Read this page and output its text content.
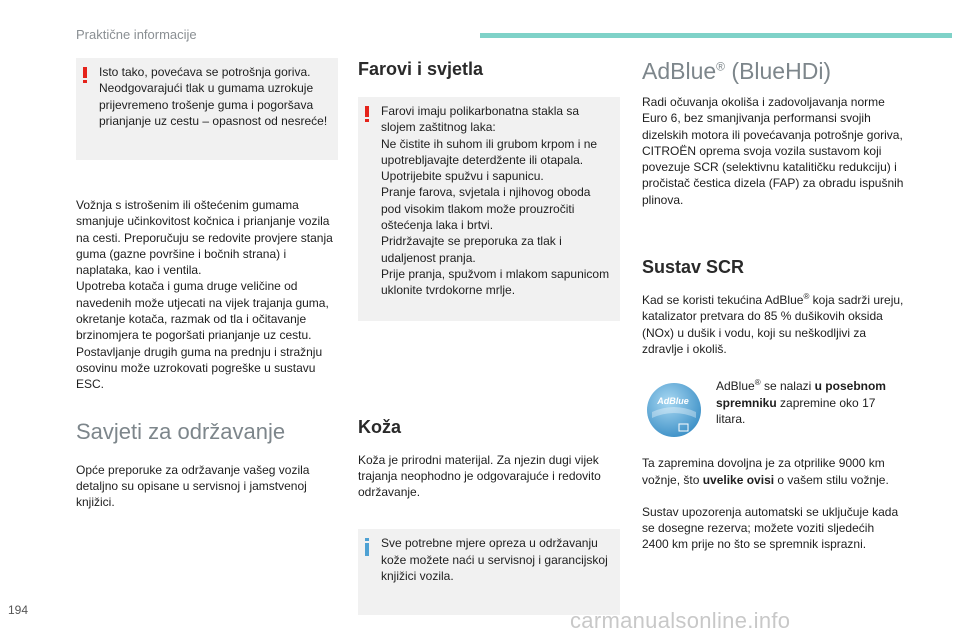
Praktične informacije

Isto tako, povećava se potrošnja goriva. Neodgovarajući tlak u gumama uzrokuje prijevremeno trošenje guma i pogoršava prianjanje uz cestu – opasnost od nesreće!

Vožnja s istrošenim ili oštećenim gumama smanjuje učinkovitost kočnica i prianjanje vozila na cesti. Preporučuju se redovite provjere stanja guma (gazne površine i bočnih strana) i naplataka, kao i ventila.

Upotreba kotača i guma druge veličine od navedenih može utjecati na vijek trajanja guma, okretanje kotača, razmak od tla i očitavanje brzinomjera te pogoršati prianjanje uz cestu.

Postavljanje drugih guma na prednju i stražnju osovinu može uzrokovati pogreške u sustavu ESC.

Savjeti za održavanje

Opće preporuke za održavanje vašeg vozila detaljno su opisane u servisnoj i jamstvenoj knjižici.

Farovi i svjetla
Farovi imaju polikarbonatna stakla sa slojem zaštitnog laka:
Ne čistite ih suhom ili grubom krpom i ne upotrebljavajte deterdžente ili otapala.
Upotrijebite spužvu i sapunicu.
Pranje farova, svjetala i njihovog oboda pod visokim tlakom može prouzročiti oštećenja laka i brtvi.
Pridržavajte se preporuka za tlak i udaljenost pranja.
Prije pranja, spužvom i mlakom sapunicom uklonite tvrdokorne mrlje.
Koža

Koža je prirodni materijal. Za njezin dugi vijek trajanja neophodno je odgovarajuće i redovito održavanje.

Sve potrebne mjere opreza u održavanju kože možete naći u servisnoj i garancijskoj knjižici vozila.

AdBlue® (BlueHDi)

Radi očuvanja okoliša i zadovoljavanja norme Euro 6, bez smanjivanja performansi svojih dizelskih motora ili povećavanja potrošnje goriva, CITROËN oprema svoja vozila sustavom koji povezuje SCR (selektivnu katalitičku redukciju) i pročistač čestica dizela (FAP) za obradu ispušnih plinova.

Sustav SCR

Kad se koristi tekućina AdBlue® koja sadrži ureju, katalizator pretvara do 85 % dušikovih oksida (NOx) u dušik i vodu, koji su neškodljivi za zdravlje i okoliš.

AdBlue

AdBlue® se nalazi u posebnom spremniku zapremine oko 17 litara.

Ta zapremina dovoljna je za otprilike 9000 km vožnje, što uvelike ovisi o vašem stilu vožnje.

Sustav upozorenja automatski se uključuje kada se dosegne rezerva; možete voziti sljedećih 2400 km prije no što se spremnik isprazni.

194	carmanualsonline.info
